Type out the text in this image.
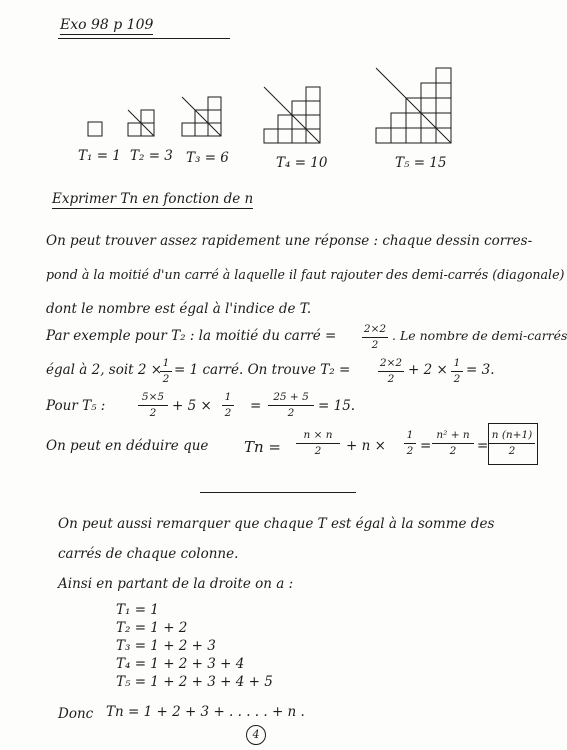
Exo 98 p 109
T₁ = 1 T₂ = 3 T₃ = 6	T₄ = 10	T₅ = 15
Exprimer Tn en fonction de n
On peut trouver assez rapidement une réponse : chaque dessin corres-
pond à la moitié d'un carré à laquelle il faut rajouter des demi-carrés (diagonale)
dont le nombre est égal à l'indice de T.
Par exemple pour T₂ : la moitié du carré =	2×2
2
. Le nombre de demi-carrés
égal à 2, soit 2 × 1
2
= 1 carré. On trouve T₂ =	2×2
2
+ 2 × 1
2
= 3.
Pour T₅ :
5×5
2	+ 5 ×
1
2 =
25 + 5
2	= 15.
On peut en déduire que Tn =
n × n
2	+ n ×
1
2 =
n² + n
2	=
n (n+1)
2
On peut aussi remarquer que chaque T est égal à la somme des
carrés de chaque colonne.
Ainsi en partant de la droite on a :
T₁ = 1
T₂ = 1 + 2
T₃ = 1 + 2 + 3
T₄ = 1 + 2 + 3 + 4
T₅ = 1 + 2 + 3 + 4 + 5
Donc Tn = 1 + 2 + 3 + . . . . . + n .
4
